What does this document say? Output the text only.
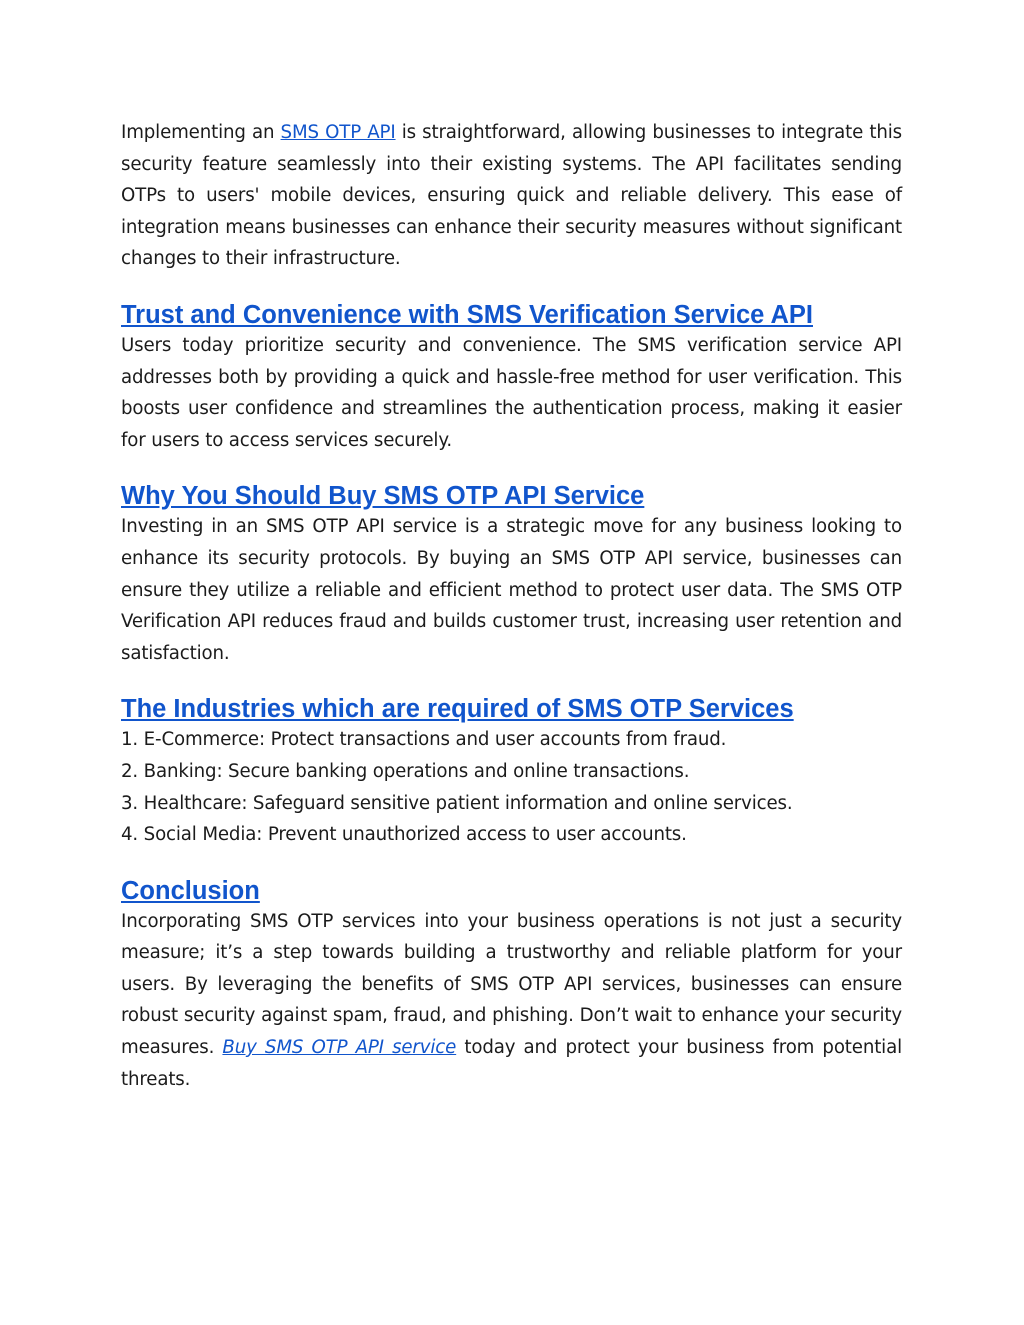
Implementing an SMS OTP API is straightforward, allowing businesses to integrate this security feature seamlessly into their existing systems. The API facilitates sending OTPs to users' mobile devices, ensuring quick and reliable delivery. This ease of integration means businesses can enhance their security measures without significant changes to their infrastructure.

Trust and Convenience with SMS Verification Service API

Users today prioritize security and convenience. The SMS verification service API addresses both by providing a quick and hassle-free method for user verification. This boosts user confidence and streamlines the authentication process, making it easier for users to access services securely.

Why You Should Buy SMS OTP API Service

Investing in an SMS OTP API service is a strategic move for any business looking to enhance its security protocols. By buying an SMS OTP API service, businesses can ensure they utilize a reliable and efficient method to protect user data. The SMS OTP Verification API reduces fraud and builds customer trust, increasing user retention and satisfaction.

The Industries which are required of SMS OTP Services
1. E-Commerce: Protect transactions and user accounts from fraud.
2. Banking: Secure banking operations and online transactions.
3. Healthcare: Safeguard sensitive patient information and online services.
4. Social Media: Prevent unauthorized access to user accounts.
Conclusion

Incorporating SMS OTP services into your business operations is not just a security measure; it’s a step towards building a trustworthy and reliable platform for your users. By leveraging the benefits of SMS OTP API services, businesses can ensure robust security against spam, fraud, and phishing. Don’t wait to enhance your security measures. Buy SMS OTP API service today and protect your business from potential threats.
